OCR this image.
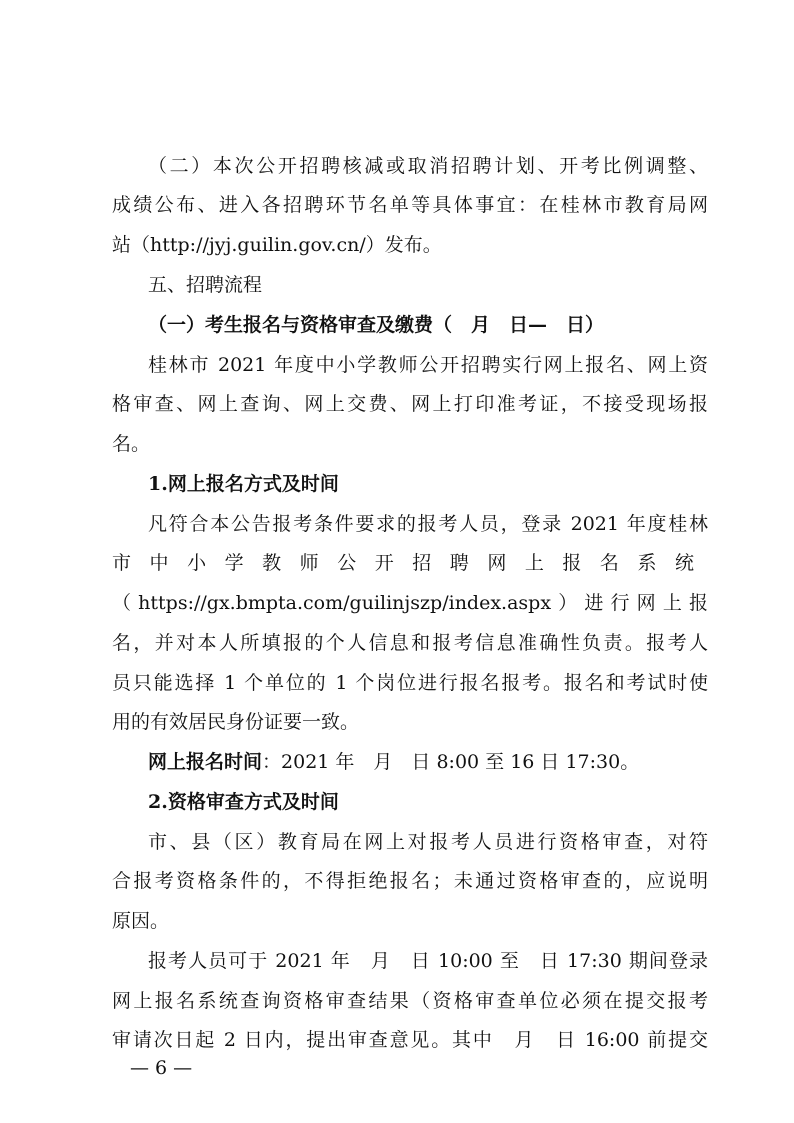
（二）本次公开招聘核减或取消招聘计划、开考比例调整、
成绩公布、进入各招聘环节名单等具体事宜：在桂林市教育局网
站（http://jyj.guilin.gov.cn/）发布。
五、招聘流程
（一）考生报名与资格审查及缴费（　月　日—　日）
桂林市 2021 年度中小学教师公开招聘实行网上报名、网上资
格审查、网上查询、网上交费、网上打印准考证，不接受现场报
名。
1.网上报名方式及时间
凡符合本公告报考条件要求的报考人员，登录 2021 年度桂林
市中小学教师公开招聘网上报名系统
（https://gx.bmpta.com/guilinjszp/index.aspx）进行网上报
名，并对本人所填报的个人信息和报考信息准确性负责。报考人
员只能选择 1 个单位的 1 个岗位进行报名报考。报名和考试时使
用的有效居民身份证要一致。
网上报名时间：2021 年　月　日 8:00 至 16 日 17:30。
2.资格审查方式及时间
市、县（区）教育局在网上对报考人员进行资格审查，对符
合报考资格条件的，不得拒绝报名；未通过资格审查的，应说明
原因。
报考人员可于 2021 年　月　日 10:00 至　日 17:30 期间登录
网上报名系统查询资格审查结果（资格审查单位必须在提交报考
审请次日起 2 日内，提出审查意见。其中　月　日 16:00 前提交
— 6 —
